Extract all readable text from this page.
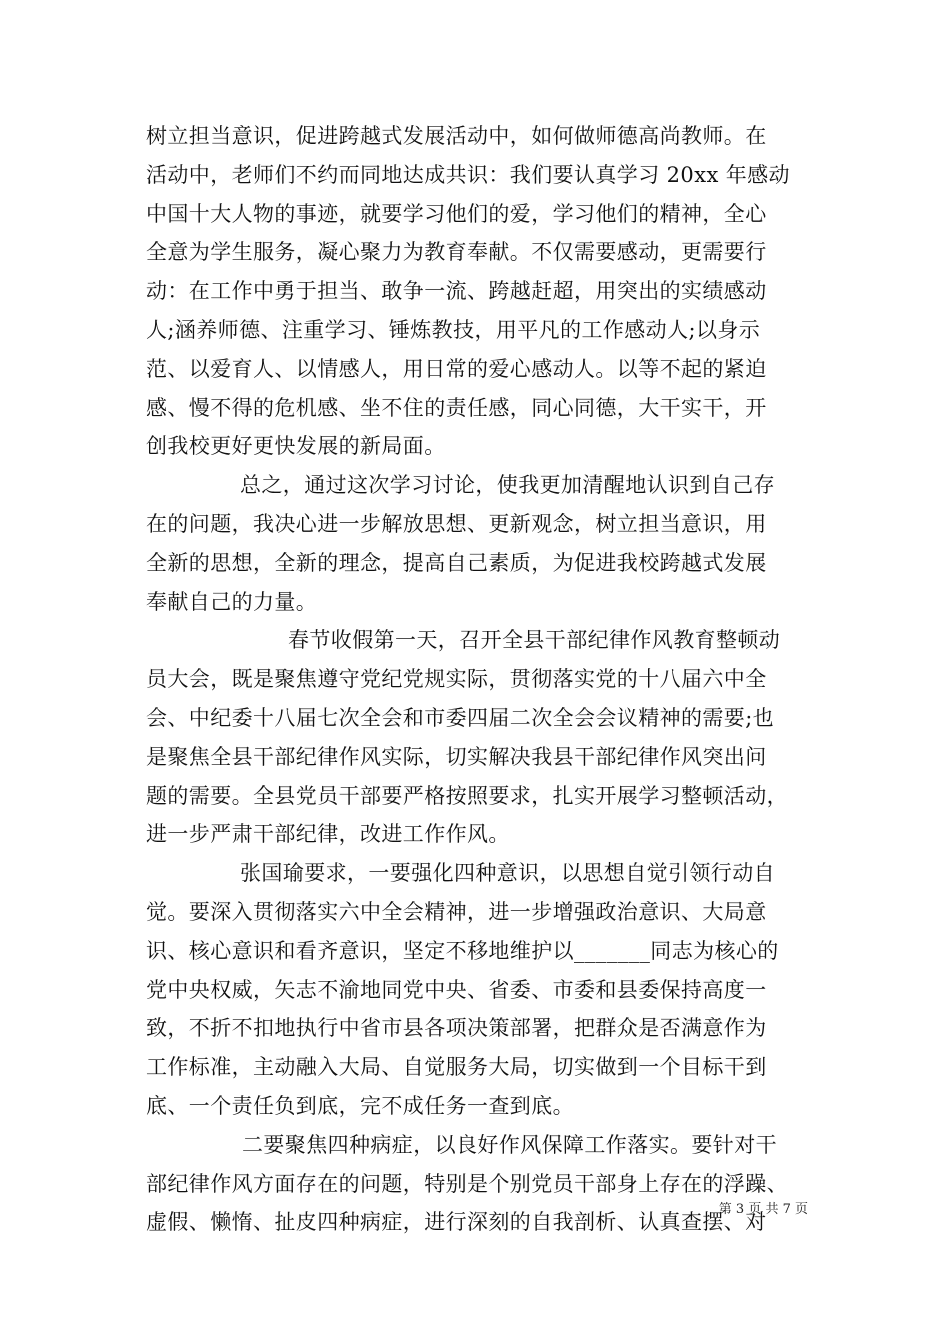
树立担当意识，促进跨越式发展活动中，如何做师德高尚教师。在
活动中，老师们不约而同地达成共识：我们要认真学习 20xx 年感动
中国十大人物的事迹，就要学习他们的爱，学习他们的精神，全心
全意为学生服务，凝心聚力为教育奉献。不仅需要感动，更需要行
动：在工作中勇于担当、敢争一流、跨越赶超，用突出的实绩感动
人;涵养师德、注重学习、锤炼教技，用平凡的工作感动人;以身示
范、以爱育人、以情感人，用日常的爱心感动人。以等不起的紧迫
感、慢不得的危机感、坐不住的责任感，同心同德，大干实干，开
创我校更好更快发展的新局面。

总之，通过这次学习讨论，使我更加清醒地认识到自己存
在的问题，我决心进一步解放思想、更新观念，树立担当意识，用
全新的思想，全新的理念，提高自己素质，为促进我校跨越式发展
奉献自己的力量。

春节收假第一天，召开全县干部纪律作风教育整顿动
员大会，既是聚焦遵守党纪党规实际，贯彻落实党的十八届六中全
会、中纪委十八届七次全会和市委四届二次全会会议精神的需要;也
是聚焦全县干部纪律作风实际，切实解决我县干部纪律作风突出问
题的需要。全县党员干部要严格按照要求，扎实开展学习整顿活动，
进一步严肃干部纪律，改进工作作风。

张国瑜要求，一要强化四种意识，以思想自觉引领行动自
觉。要深入贯彻落实六中全会精神，进一步增强政治意识、大局意
识、核心意识和看齐意识，坚定不移地维护以_______同志为核心的
党中央权威，矢志不渝地同党中央、省委、市委和县委保持高度一
致，不折不扣地执行中省市县各项决策部署，把群众是否满意作为
工作标准，主动融入大局、自觉服务大局，切实做到一个目标干到
底、一个责任负到底，完不成任务一查到底。

二要聚焦四种病症，以良好作风保障工作落实。要针对干
部纪律作风方面存在的问题，特别是个别党员干部身上存在的浮躁、
虚假、懒惰、扯皮四种病症，进行深刻的自我剖析、认真查摆、对

第 3 页 共 7 页
